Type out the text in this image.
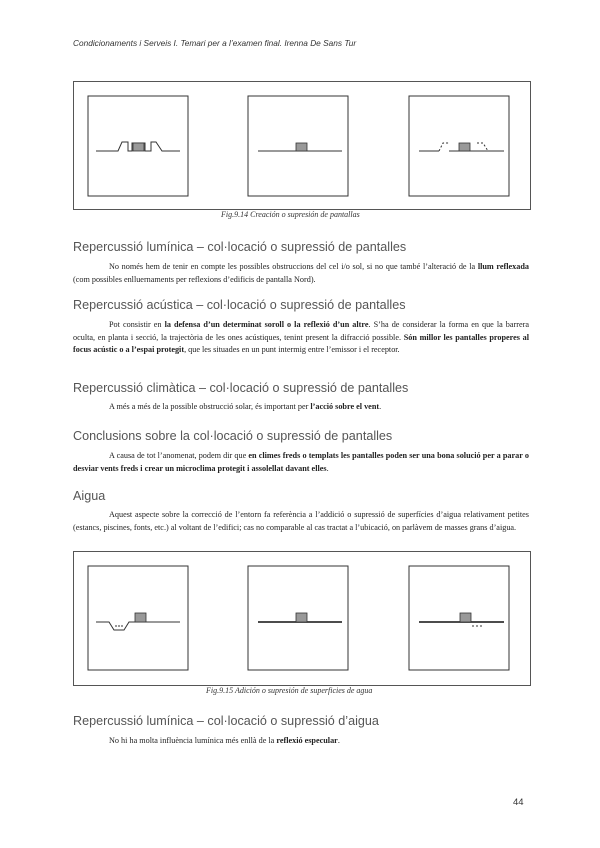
Condicionaments i Serveis I. Temari per a l’examen final. Irenna De Sans Tur
Fig.9.14 Creación o supresión de pantallas
Repercussió lumínica – col·locació o supressió de pantalles

No només hem de tenir en compte les possibles obstruccions del cel i/o sol, si no que també l’alteració de la llum reflexada (com possibles enlluernaments per reflexions d’edificis de pantalla Nord).

Repercussió acústica – col·locació o supressió de pantalles

Pot consistir en la defensa d’un determinat soroll o la reflexió d’un altre. S’ha de considerar la forma en que la barrera oculta, en planta i secció, la trajectòria de les ones acústiques, tenint present la difracció possible. Són millor les pantalles properes al focus acústic o a l’espai protegit, que les situades en un punt intermig entre l’emissor i el receptor.

Repercussió climàtica – col·locació o supressió de pantalles

A més a més de la possible obstrucció solar, és important per l’acció sobre el vent.

Conclusions sobre la col·locació o supressió de pantalles

A causa de tot l’anomenat, podem dir que en climes freds o templats les pantalles poden ser una bona solució per a parar o desviar vents freds i crear un microclima protegit i assolellat davant elles.

Aigua

Aquest aspecte sobre la correcció de l’entorn fa referència a l’addició o supressió de superfícies d’aigua relativament petites (estancs, piscines, fonts, etc.) al voltant de l’edifici; cas no comparable al cas tractat a l’ubicació, on parlàvem de masses grans d’aigua.

Fig.9.15 Adición o supresión de superficies de agua
Repercussió lumínica – col·locació o supressió d’aigua

No hi ha molta influència lumínica més enllà de la reflexió especular.

44
